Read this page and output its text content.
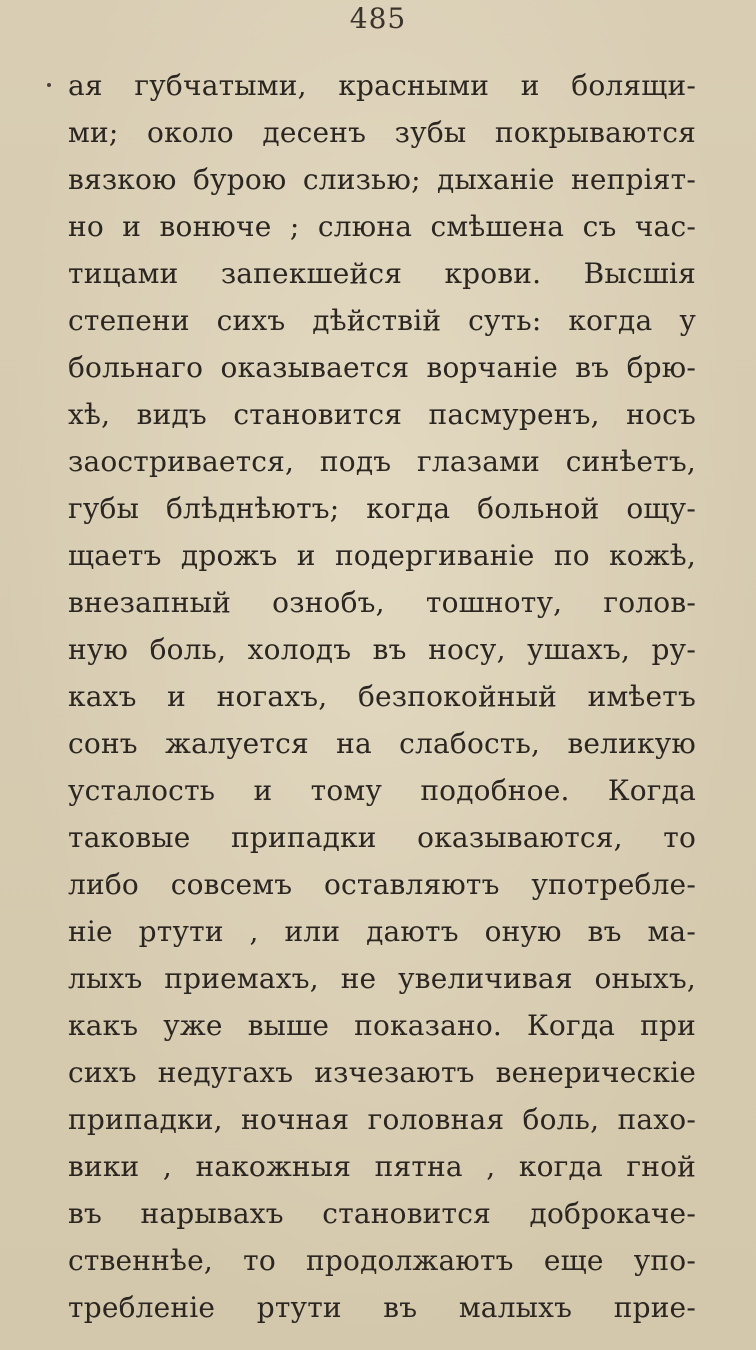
485
ая губчатыми, красными и болящи-
ми; около десенъ зубы покрываются
вязкою бурою слизью; дыханіе непріят-
но и вонюче ; слюна смѣшена съ час-
тицами запекшейся крови. Высшія
степени сихъ дѣйствій суть: когда у
больнаго оказывается ворчаніе въ брю-
хѣ, видъ становится пасмуренъ, носъ
заостривается, подъ глазами синѣетъ,
губы блѣднѣютъ; когда больной ощу-
щаетъ дрожъ и подергиваніе по кожѣ,
внезапный ознобъ, тошноту, голов-
ную боль, холодъ въ носу, ушахъ, ру-
кахъ и ногахъ, безпокойный имѣетъ
сонъ жалуется на слабость, великую
усталость и тому подобное. Когда
таковые припадки оказываются, то
либо совсемъ оставляютъ употребле-
ніе ртути , или даютъ оную въ ма-
лыхъ приемахъ, не увеличивая оныхъ,
какъ уже выше показано. Когда при
сихъ недугахъ изчезаютъ венерическіе
припадки, ночная головная боль, пахо-
вики , накожныя пятна , когда гной
въ нарывахъ становится доброкаче-
ственнѣе, то продолжаютъ еще упо-
требленіе ртути въ малыхъ прие-
